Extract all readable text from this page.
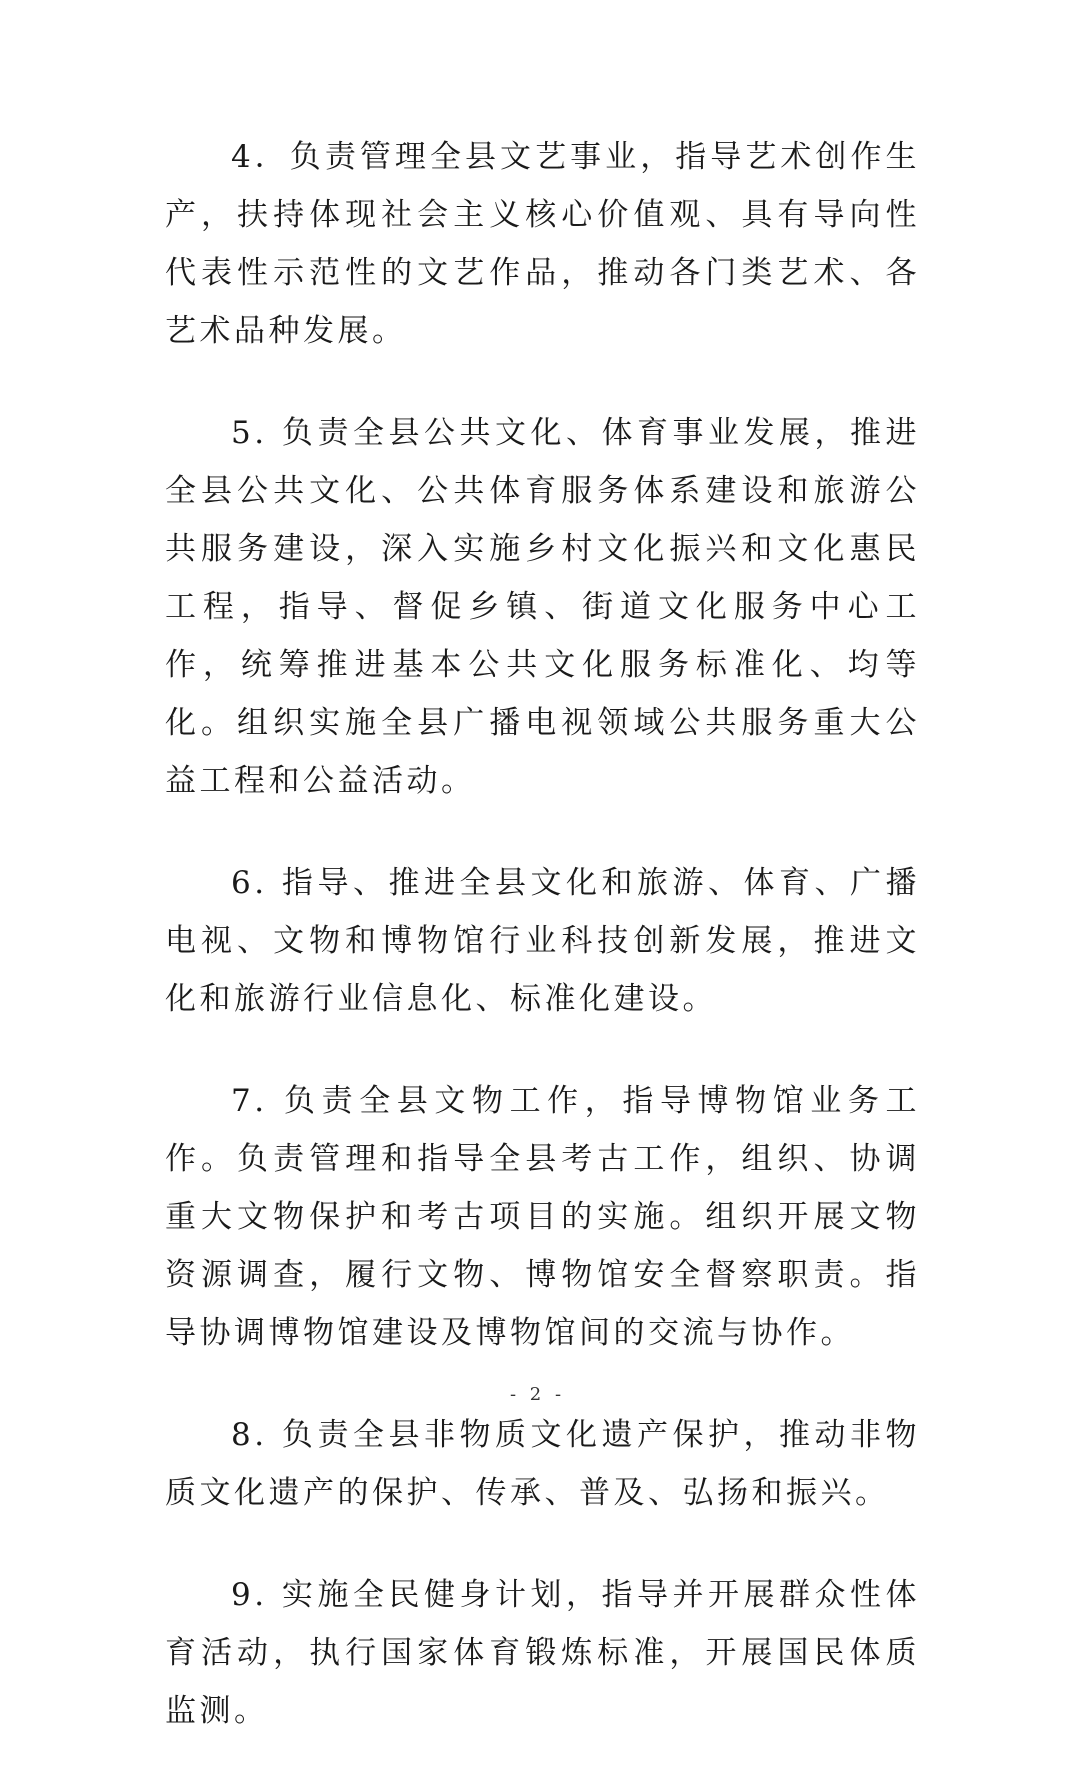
4．负责管理全县文艺事业，指导艺术创作生产，扶持体现社会主义核心价值观、具有导向性代表性示范性的文艺作品，推动各门类艺术、各艺术品种发展。

5. 负责全县公共文化、体育事业发展，推进全县公共文化、公共体育服务体系建设和旅游公共服务建设，深入实施乡村文化振兴和文化惠民工程，指导、督促乡镇、街道文化服务中心工作，统筹推进基本公共文化服务标准化、均等化。组织实施全县广播电视领域公共服务重大公益工程和公益活动。

6. 指导、推进全县文化和旅游、体育、广播电视、文物和博物馆行业科技创新发展，推进文化和旅游行业信息化、标准化建设。

7. 负责全县文物工作，指导博物馆业务工作。负责管理和指导全县考古工作，组织、协调重大文物保护和考古项目的实施。组织开展文物资源调查，履行文物、博物馆安全督察职责。指导协调博物馆建设及博物馆间的交流与协作。

8. 负责全县非物质文化遗产保护，推动非物质文化遗产的保护、传承、普及、弘扬和振兴。

9. 实施全民健身计划，指导并开展群众性体育活动，执行国家体育锻炼标准，开展国民体质监测。

- 2 -
